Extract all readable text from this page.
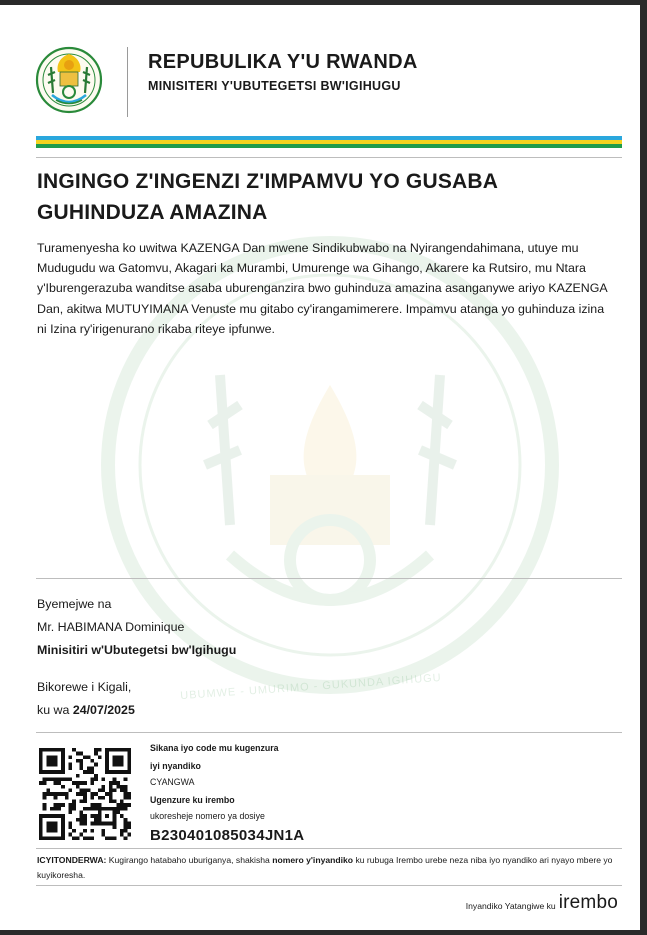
UBUMWE - UMURIMO - GUKUNDA IGIHUGU
REPUBULIKA Y'U RWANDA
MINISITERI Y'UBUTEGETSI BW'IGIHUGU
INGINGO Z'INGENZI Z'IMPAMVU YO GUSABA GUHINDUZA AMAZINA
Turamenyesha ko uwitwa KAZENGA Dan mwene Sindikubwabo na Nyirangendahimana, utuye mu Mudugudu wa Gatomvu, Akagari ka Murambi, Umurenge wa Gihango, Akarere ka Rutsiro, mu Ntara y'Iburengerazuba wanditse asaba uburenganzira bwo guhinduza amazina asanganywe ariyo KAZENGA Dan, akitwa MUTUYIMANA Venuste mu gitabo cy'irangamimerere. Impamvu atanga yo guhinduza izina ni Izina ry'irigenurano rikaba riteye ipfunwe.
Byemejwe na
Mr. HABIMANA Dominique
Minisitiri w'Ubutegetsi bw'Igihugu
Bikorewe i Kigali,
ku wa 24/07/2025
Sikana iyo code mu kugenzura
iyi nyandiko
CYANGWA
Ugenzure ku irembo
ukoresheje nomero ya dosiye
B230401085034JN1A
ICYITONDERWA: Kugirango hatabaho uburiganya, shakisha nomero y'inyandiko ku rubuga Irembo urebe neza niba iyo nyandiko ari nyayo mbere yo kuyikoresha.
Inyandiko Yatangiwe ku irembo
